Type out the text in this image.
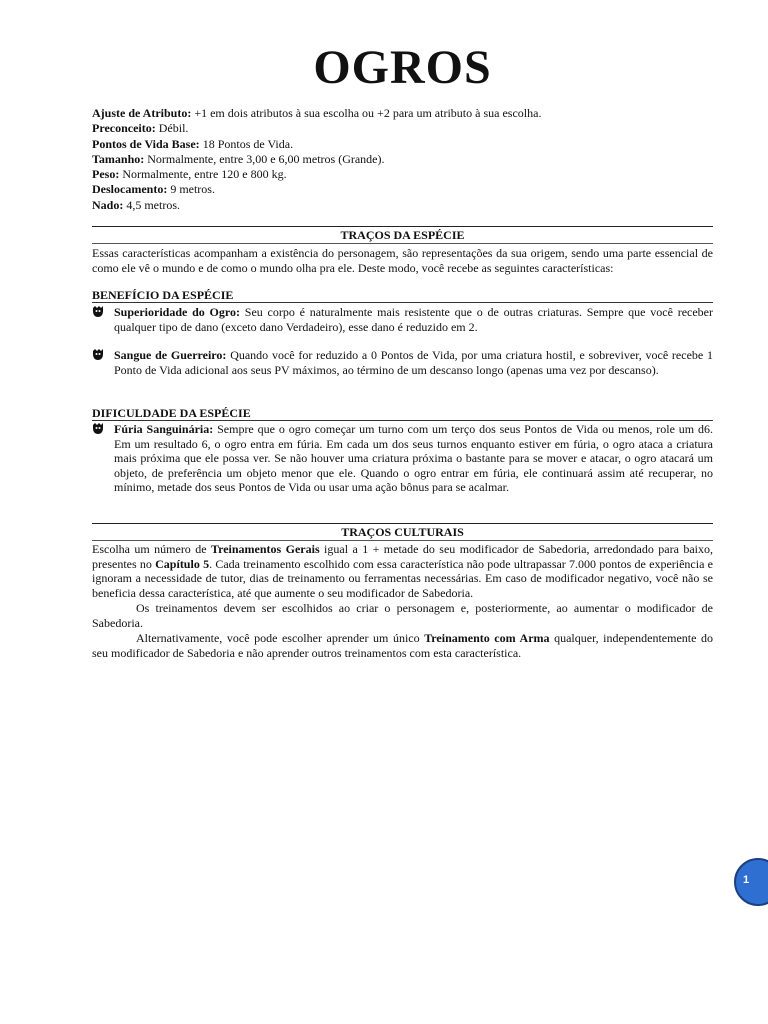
OGROS
Ajuste de Atributo: +1 em dois atributos à sua escolha ou +2 para um atributo à sua escolha.
Preconceito: Débil.
Pontos de Vida Base: 18 Pontos de Vida.
Tamanho: Normalmente, entre 3,00 e 6,00 metros (Grande).
Peso: Normalmente, entre 120 e 800 kg.
Deslocamento: 9 metros.
Nado: 4,5 metros.
TRAÇOS DA ESPÉCIE
Essas características acompanham a existência do personagem, são representações da sua origem, sendo uma parte essencial de como ele vê o mundo e de como o mundo olha pra ele. Deste modo, você recebe as seguintes características:
BENEFÍCIO DA ESPÉCIE
Superioridade do Ogro: Seu corpo é naturalmente mais resistente que o de outras criaturas. Sempre que você receber qualquer tipo de dano (exceto dano Verdadeiro), esse dano é reduzido em 2.
Sangue de Guerreiro: Quando você for reduzido a 0 Pontos de Vida, por uma criatura hostil, e sobreviver, você recebe 1 Ponto de Vida adicional aos seus PV máximos, ao término de um descanso longo (apenas uma vez por descanso).
DIFICULDADE DA ESPÉCIE
Fúria Sanguinária: Sempre que o ogro começar um turno com um terço dos seus Pontos de Vida ou menos, role um d6. Em um resultado 6, o ogro entra em fúria. Em cada um dos seus turnos enquanto estiver em fúria, o ogro ataca a criatura mais próxima que ele possa ver. Se não houver uma criatura próxima o bastante para se mover e atacar, o ogro atacará um objeto, de preferência um objeto menor que ele. Quando o ogro entrar em fúria, ele continuará assim até recuperar, no mínimo, metade dos seus Pontos de Vida ou usar uma ação bônus para se acalmar.
TRAÇOS CULTURAIS
Escolha um número de Treinamentos Gerais igual a 1 + metade do seu modificador de Sabedoria, arredondado para baixo, presentes no Capítulo 5. Cada treinamento escolhido com essa característica não pode ultrapassar 7.000 pontos de experiência e ignoram a necessidade de tutor, dias de treinamento ou ferramentas necessárias. Em caso de modificador negativo, você não se beneficia dessa característica, até que aumente o seu modificador de Sabedoria.
Os treinamentos devem ser escolhidos ao criar o personagem e, posteriormente, ao aumentar o modificador de Sabedoria.
Alternativamente, você pode escolher aprender um único Treinamento com Arma qualquer, independentemente do seu modificador de Sabedoria e não aprender outros treinamentos com esta característica.
1
